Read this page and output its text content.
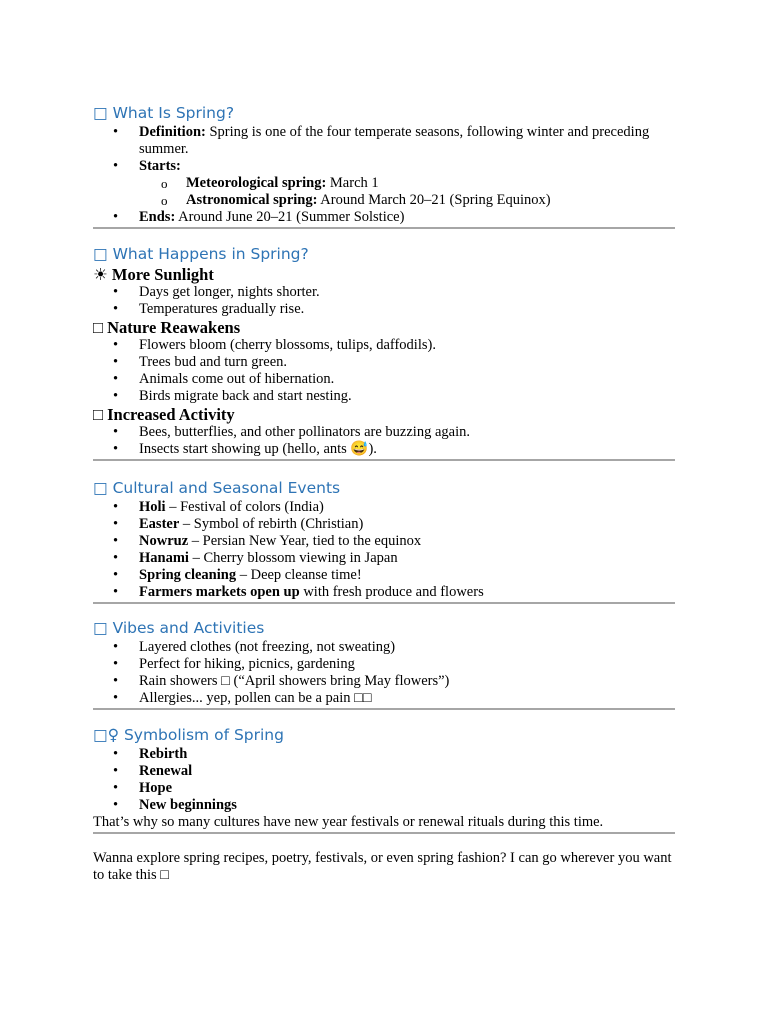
□ What Is Spring?
• Definition: Spring is one of the four temperate seasons, following winter and preceding summer.
• Starts:
o Meteorological spring: March 1
o Astronomical spring: Around March 20–21 (Spring Equinox)
• Ends: Around June 20–21 (Summer Solstice)
□ What Happens in Spring?
☀ More Sunlight
• Days get longer, nights shorter.
• Temperatures gradually rise.
□ Nature Reawakens
• Flowers bloom (cherry blossoms, tulips, daffodils).
• Trees bud and turn green.
• Animals come out of hibernation.
• Birds migrate back and start nesting.
□ Increased Activity
• Bees, butterflies, and other pollinators are buzzing again.
• Insects start showing up (hello, ants 😅).
□ Cultural and Seasonal Events
• Holi – Festival of colors (India)
• Easter – Symbol of rebirth (Christian)
• Nowruz – Persian New Year, tied to the equinox
• Hanami – Cherry blossom viewing in Japan
• Spring cleaning – Deep cleanse time!
• Farmers markets open up with fresh produce and flowers
□ Vibes and Activities
• Layered clothes (not freezing, not sweating)
• Perfect for hiking, picnics, gardening
• Rain showers □ (“April showers bring May flowers”)
• Allergies... yep, pollen can be a pain □□
□♀ Symbolism of Spring
• Rebirth
• Renewal
• Hope
• New beginnings

That’s why so many cultures have new year festivals or renewal rituals during this time.

Wanna explore spring recipes, poetry, festivals, or even spring fashion? I can go wherever you want to take this □
